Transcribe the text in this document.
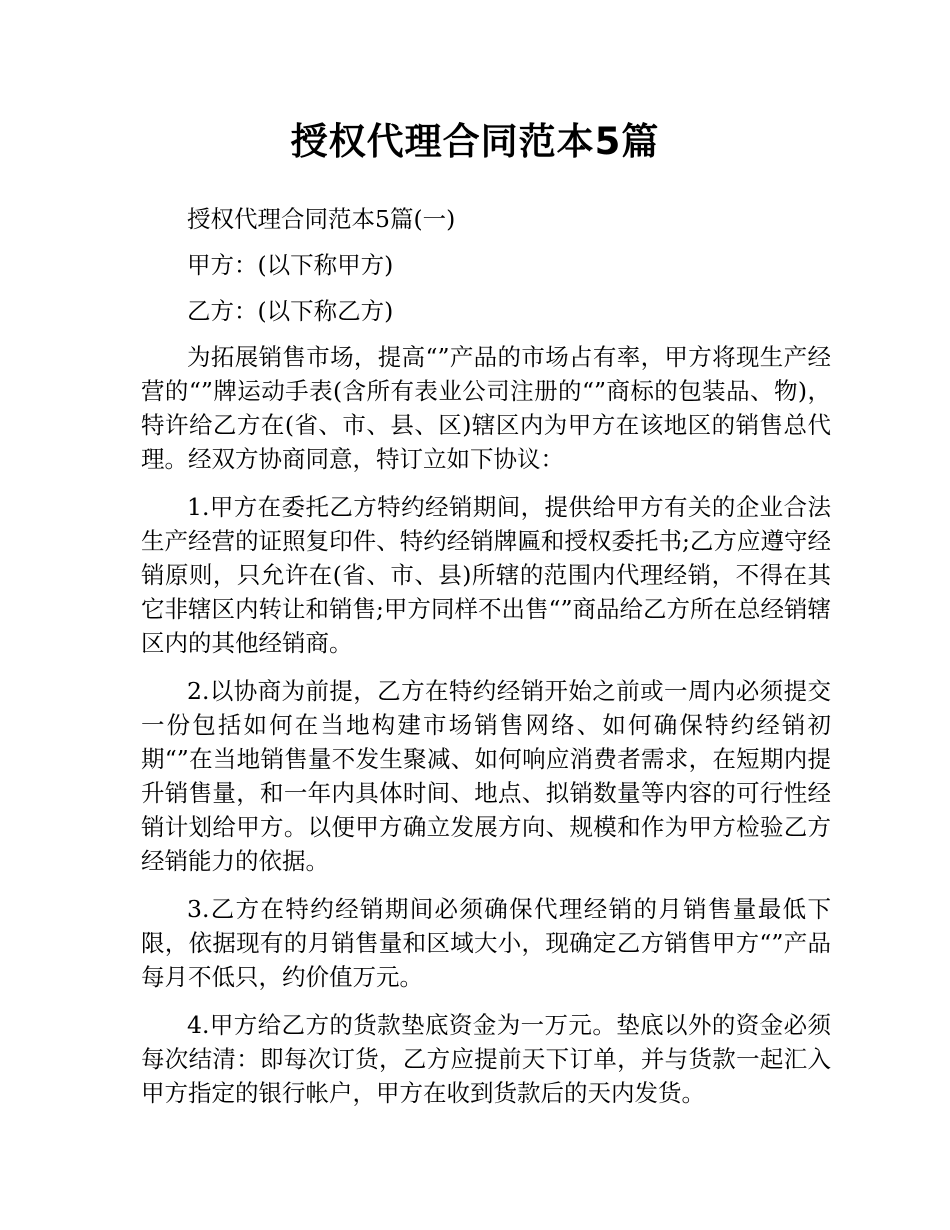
授权代理合同范本5篇

授权代理合同范本5篇(一)

甲方：(以下称甲方)

乙方：(以下称乙方)

为拓展销售市场，提高“”产品的市场占有率，甲方将现生产经营的“”牌运动手表(含所有表业公司注册的“”商标的包装品、物)，特许给乙方在(省、市、县、区)辖区内为甲方在该地区的销售总代理。经双方协商同意，特订立如下协议：

1.甲方在委托乙方特约经销期间，提供给甲方有关的企业合法生产经营的证照复印件、特约经销牌匾和授权委托书;乙方应遵守经销原则，只允许在(省、市、县)所辖的范围内代理经销，不得在其它非辖区内转让和销售;甲方同样不出售“”商品给乙方所在总经销辖区内的其他经销商。

2.以协商为前提，乙方在特约经销开始之前或一周内必须提交一份包括如何在当地构建市场销售网络、如何确保特约经销初期“”在当地销售量不发生聚减、如何响应消费者需求，在短期内提升销售量，和一年内具体时间、地点、拟销数量等内容的可行性经销计划给甲方。以便甲方确立发展方向、规模和作为甲方检验乙方经销能力的依据。

3.乙方在特约经销期间必须确保代理经销的月销售量最低下限，依据现有的月销售量和区域大小，现确定乙方销售甲方“”产品每月不低只，约价值万元。

4.甲方给乙方的货款垫底资金为一万元。垫底以外的资金必须每次结清：即每次订货，乙方应提前天下订单，并与货款一起汇入甲方指定的银行帐户，甲方在收到货款后的天内发货。
